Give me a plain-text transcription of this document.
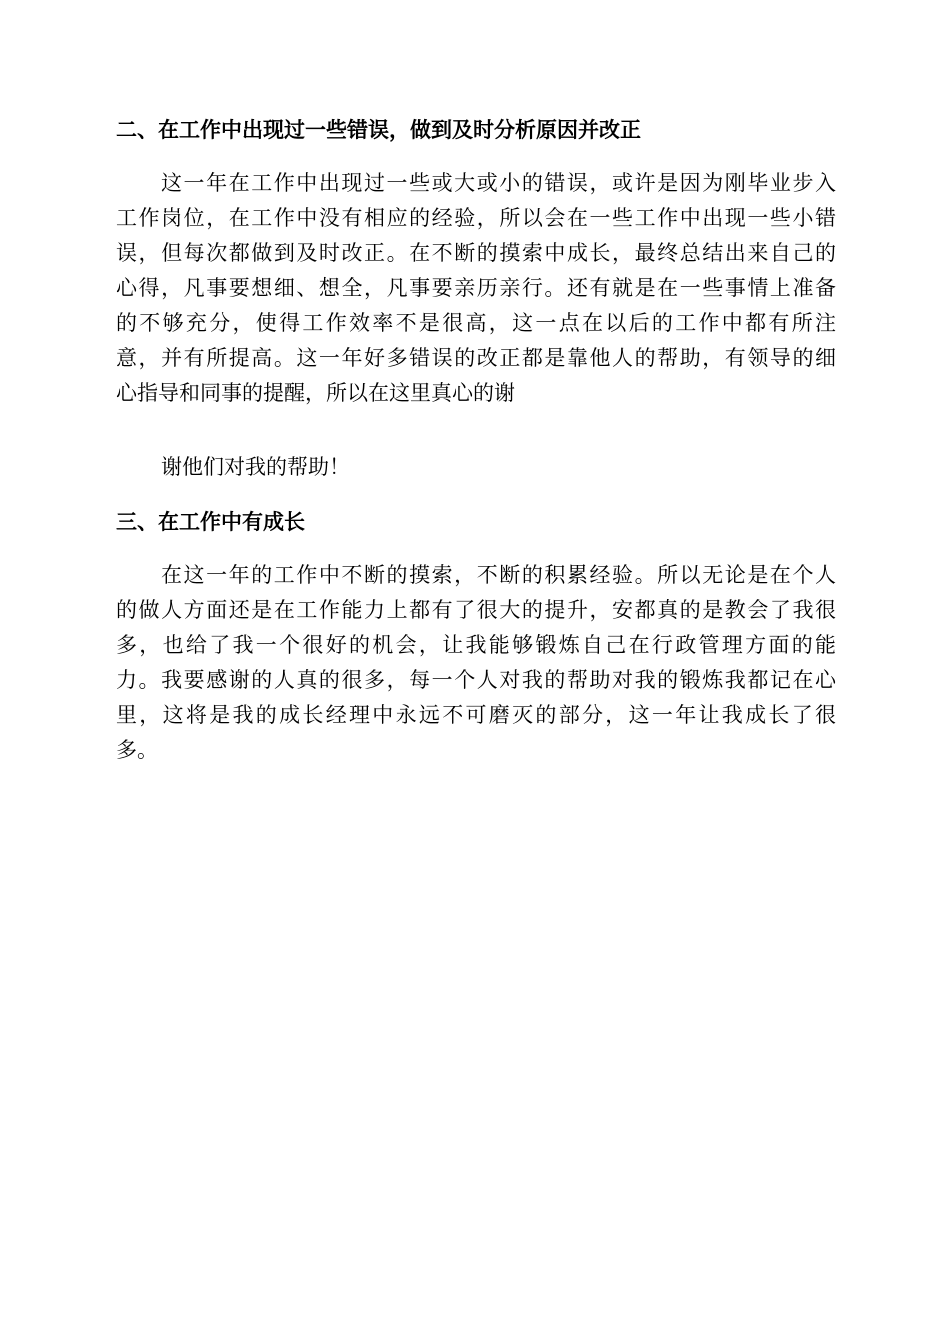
二、在工作中出现过一些错误，做到及时分析原因并改正
这一年在工作中出现过一些或大或小的错误，或许是因为刚毕业步入
工作岗位，在工作中没有相应的经验，所以会在一些工作中出现一些小错
误，但每次都做到及时改正。在不断的摸索中成长，最终总结出来自己的
心得，凡事要想细、想全，凡事要亲历亲行。还有就是在一些事情上准备
的不够充分，使得工作效率不是很高，这一点在以后的工作中都有所注
意，并有所提高。这一年好多错误的改正都是靠他人的帮助，有领导的细
心指导和同事的提醒，所以在这里真心的谢
谢他们对我的帮助！
三、在工作中有成长
在这一年的工作中不断的摸索，不断的积累经验。所以无论是在个人
的做人方面还是在工作能力上都有了很大的提升，安都真的是教会了我很
多，也给了我一个很好的机会，让我能够锻炼自己在行政管理方面的能
力。我要感谢的人真的很多，每一个人对我的帮助对我的锻炼我都记在心
里，这将是我的成长经理中永远不可磨灭的部分，这一年让我成长了很
多。
